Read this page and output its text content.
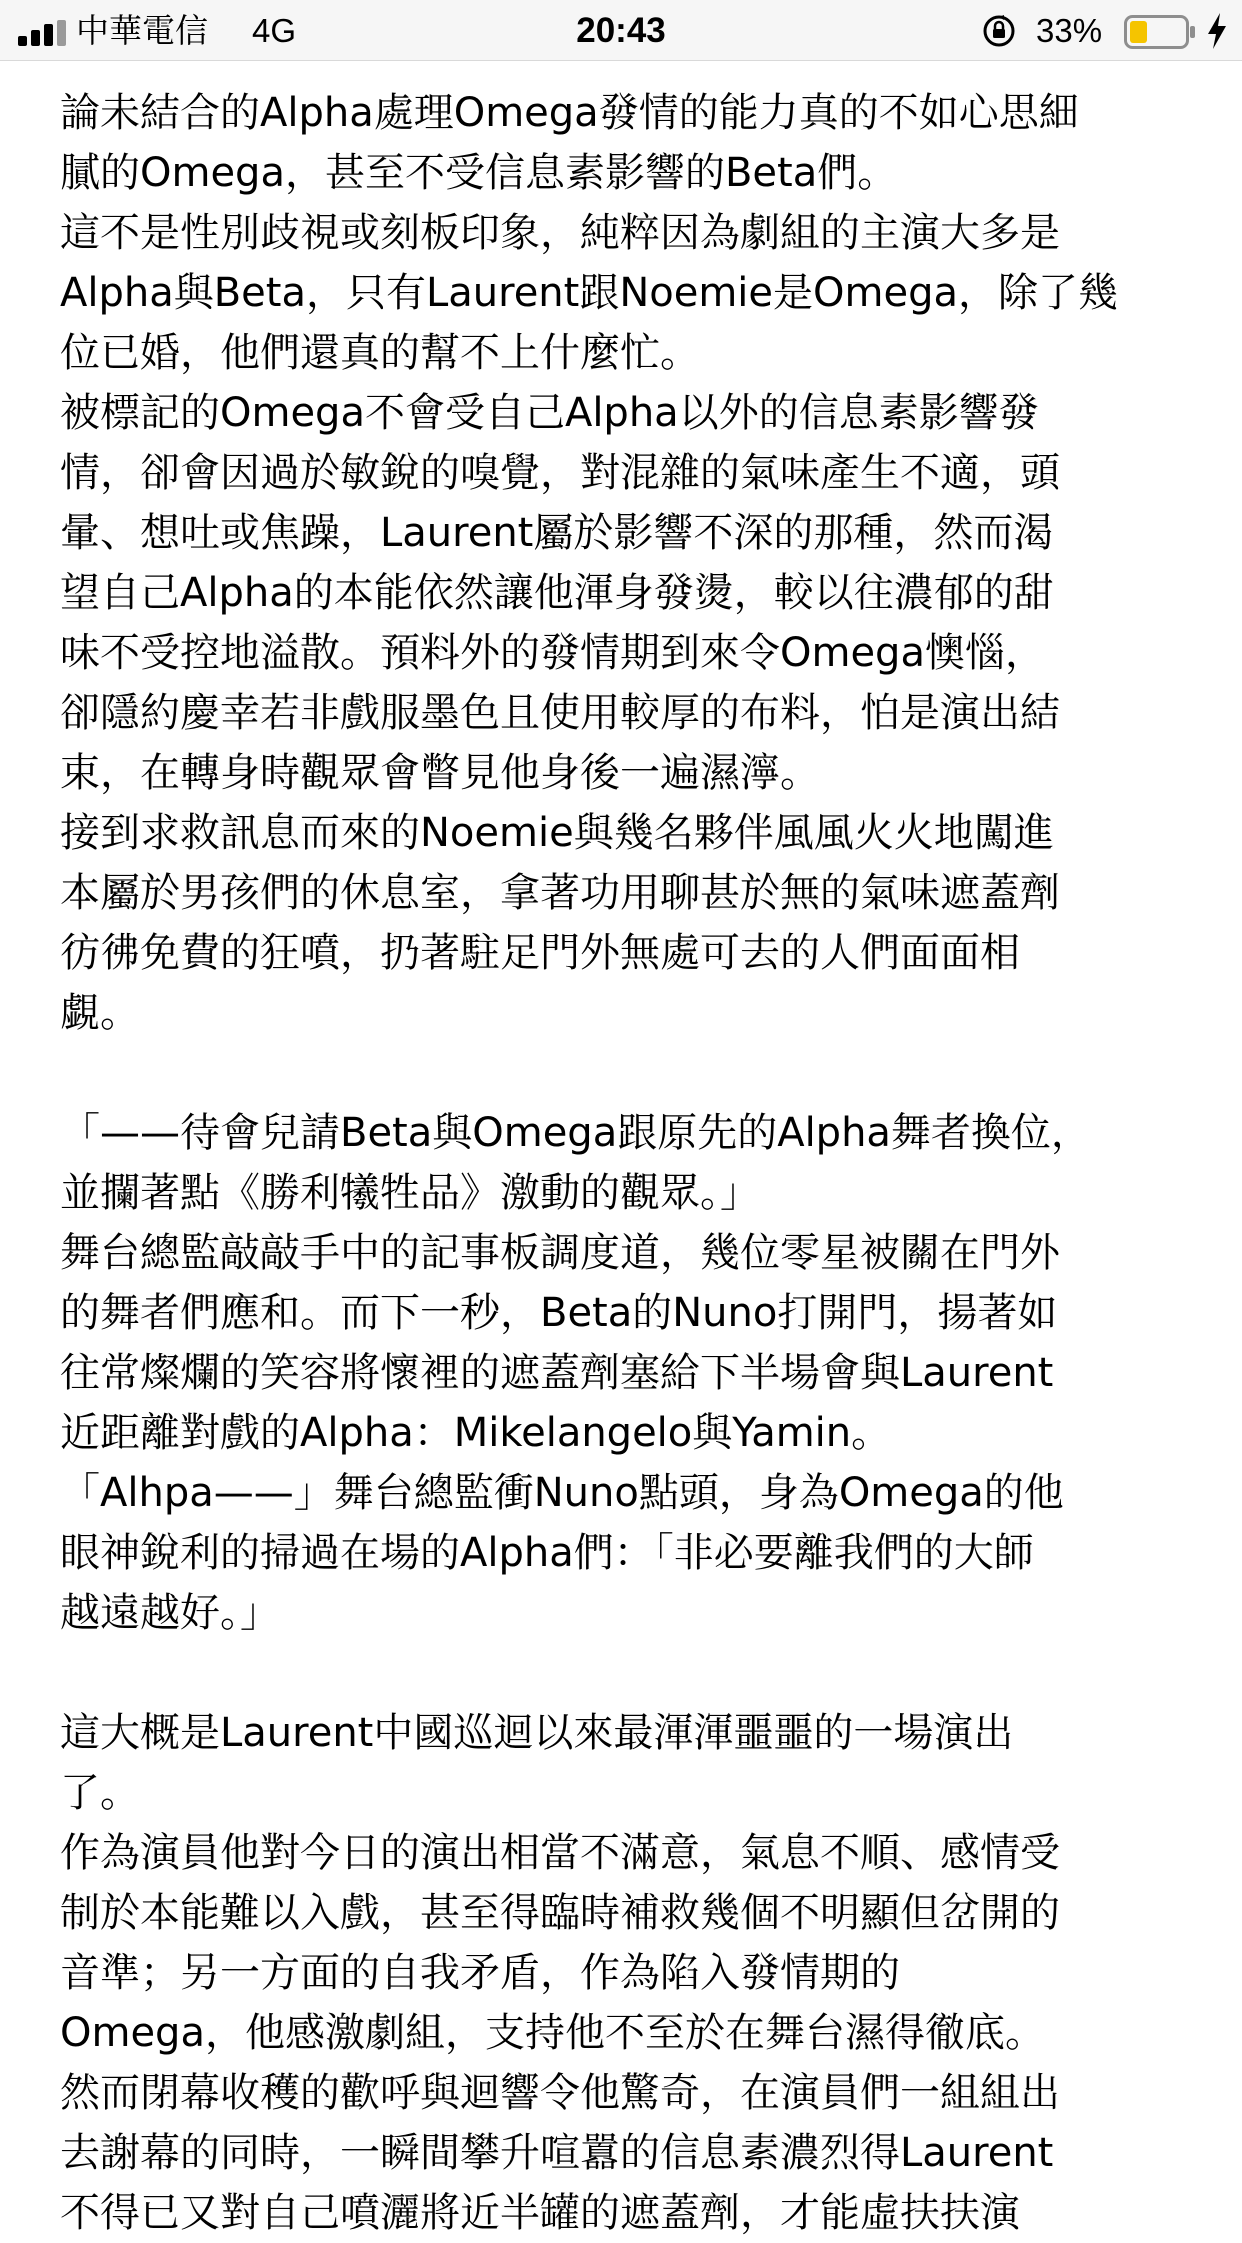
中華電信 4G	20:43	33%

論未結合的Alpha處理Omega發情的能力真的不如心思細

膩的Omega，甚至不受信息素影響的Beta們。

這不是性別歧視或刻板印象，純粹因為劇組的主演大多是

Alpha與Beta，只有Laurent跟Noemie是Omega，除了幾

位已婚，他們還真的幫不上什麼忙。

被標記的Omega不會受自己Alpha以外的信息素影響發

情，卻會因過於敏銳的嗅覺，對混雜的氣味產生不適，頭

暈、想吐或焦躁，Laurent屬於影響不深的那種，然而渴

望自己Alpha的本能依然讓他渾身發燙，較以往濃郁的甜

味不受控地溢散。預料外的發情期到來令Omega懊惱，

卻隱約慶幸若非戲服墨色且使用較厚的布料，怕是演出結

束，在轉身時觀眾會瞥見他身後一遍濕濘。

接到求救訊息而來的Noemie與幾名夥伴風風火火地闖進

本屬於男孩們的休息室，拿著功用聊甚於無的氣味遮蓋劑

彷彿免費的狂噴，扔著駐足門外無處可去的人們面面相

覷。

「——待會兒請Beta與Omega跟原先的Alpha舞者換位，

並攔著點《勝利犧牲品》激動的觀眾。」

舞台總監敲敲手中的記事板調度道，幾位零星被關在門外

的舞者們應和。而下一秒，Beta的Nuno打開門，揚著如

往常燦爛的笑容將懷裡的遮蓋劑塞給下半場會與Laurent

近距離對戲的Alpha：Mikelangelo與Yamin。

「Alhpa——」舞台總監衝Nuno點頭，身為Omega的他

眼神銳利的掃過在場的Alpha們：「非必要離我們的大師

越遠越好。」

這大概是Laurent中國巡迴以來最渾渾噩噩的一場演出

了。

作為演員他對今日的演出相當不滿意，氣息不順、感情受

制於本能難以入戲，甚至得臨時補救幾個不明顯但岔開的

音準；另一方面的自我矛盾，作為陷入發情期的

Omega，他感激劇組，支持他不至於在舞台濕得徹底。

然而閉幕收穫的歡呼與迴響令他驚奇，在演員們一組組出

去謝幕的同時，一瞬間攀升喧囂的信息素濃烈得Laurent

不得已又對自己噴灑將近半罐的遮蓋劑，才能虛扶扶演
